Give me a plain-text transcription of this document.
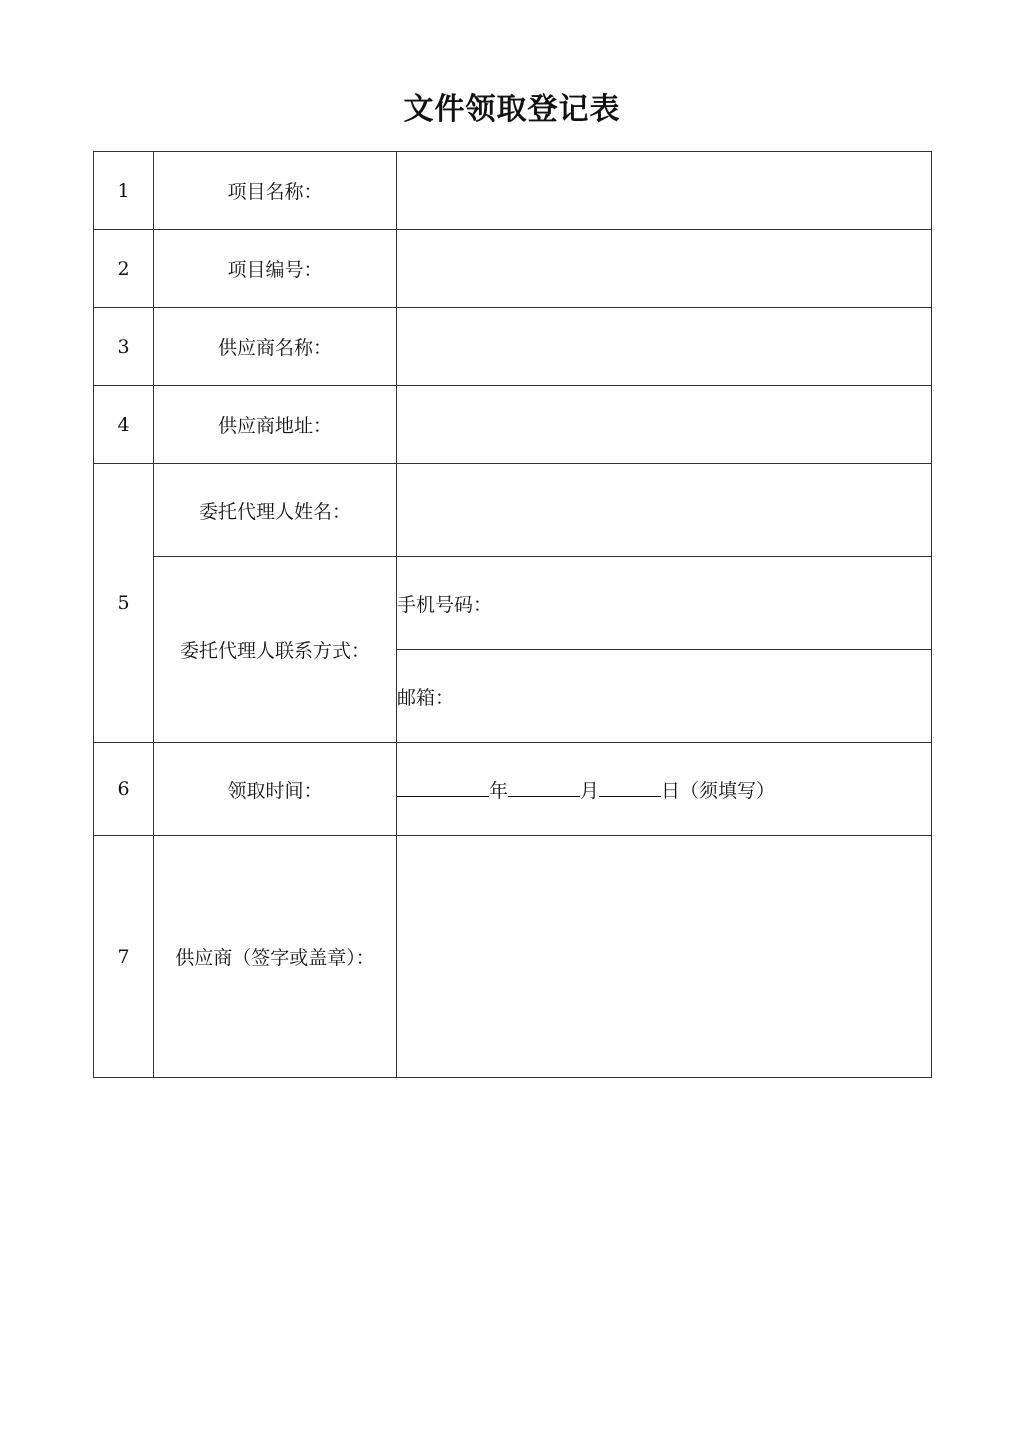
文件领取登记表
1	项目名称：	
2	项目编号：	
3	供应商名称：	
4	供应商地址：	
5	委托代理人姓名：	
	委托代理人联系方式：	手机号码：
		邮箱：
6	领取时间：	年 月 日（须填写）
7	供应商（签字或盖章）：	
